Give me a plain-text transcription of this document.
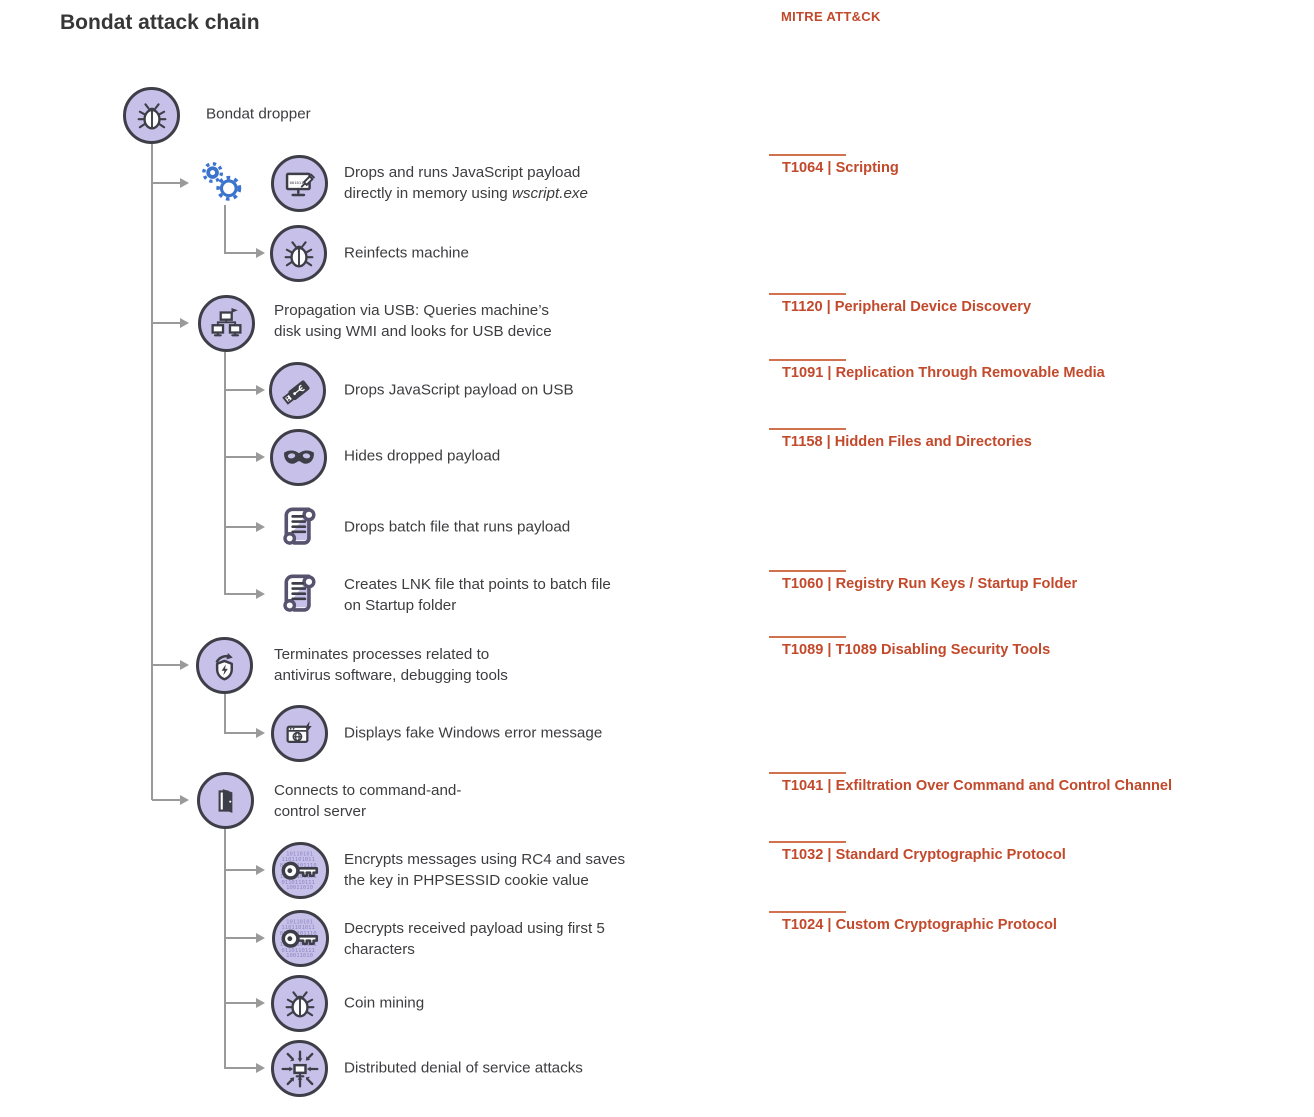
Bondat attack chain	MITRE ATT&CK
Bondat dropper
Drops and runs JavaScript payload
directly in memory using wscript.exe
Reinfects machine
Propagation via USB: Queries machine’s
disk using WMI and looks for USB device
Drops JavaScript payload on USB
Hides dropped payload
Drops batch file that runs payload
Creates LNK file that points to batch file
on Startup folder
Terminates processes related to
antivirus software, debugging tools
Displays fake Windows error message
Connects to command-and-
control server
Encrypts messages using RC4 and saves
the key in PHPSESSID cookie value
Decrypts received payload using first 5
characters
Coin mining
Distributed denial of service attacks
T1064 | Scripting
T1120 | Peripheral Device Discovery
T1091 | Replication Through Removable Media
T1158 | Hidden Files and Directories
T1060 | Registry Run Keys / Startup Folder
T1089 | T1089 Disabling Security Tools
T1041 | Exfiltration Over Command and Control Channel
T1032 | Standard Cryptographic Protocol
T1024 | Custom Cryptographic Protocol
